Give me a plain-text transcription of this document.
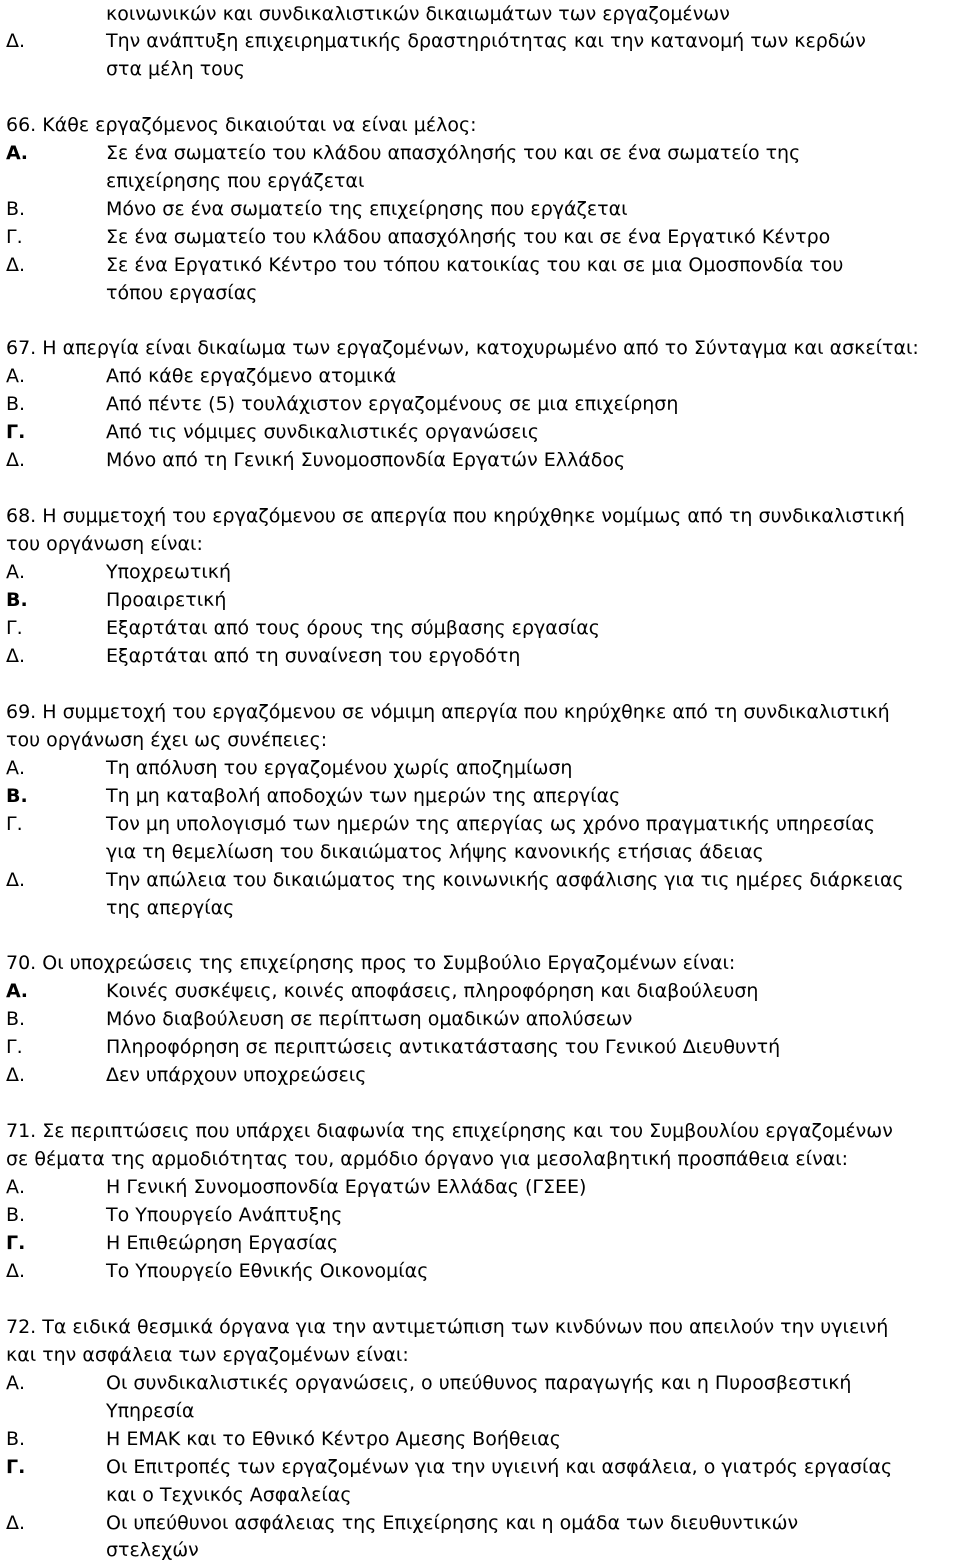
κοινωνικών και συνδικαλιστικών δικαιωμάτων των εργαζομένων
Δ.	Την ανάπτυξη επιχειρηματικής δραστηριότητας και την κατανομή των κερδών
στα μέλη τους
66. Κάθε εργαζόμενος δικαιούται να είναι μέλος:
Α.	Σε ένα σωματείο του κλάδου απασχόλησής του και σε ένα σωματείο της
επιχείρησης που εργάζεται
Β.	Μόνο σε ένα σωματείο της επιχείρησης που εργάζεται
Γ.	Σε ένα σωματείο του κλάδου απασχόλησής του και σε ένα Εργατικό Κέντρο
Δ.	Σε ένα Εργατικό Κέντρο του τόπου κατοικίας του και σε μια Ομοσπονδία του
τόπου εργασίας
67. Η απεργία είναι δικαίωμα των εργαζομένων, κατοχυρωμένο από το Σύνταγμα και ασκείται:
Α.	Από κάθε εργαζόμενο ατομικά
Β.	Από πέντε (5) τουλάχιστον εργαζομένους σε μια επιχείρηση
Γ.	Από τις νόμιμες συνδικαλιστικές οργανώσεις
Δ.	Μόνο από τη Γενική Συνομοσπονδία Εργατών Ελλάδος
68. Η συμμετοχή του εργαζόμενου σε απεργία που κηρύχθηκε νομίμως από τη συνδικαλιστική
του οργάνωση είναι:
Α.	Υποχρεωτική
Β.	Προαιρετική
Γ.	Εξαρτάται από τους όρους της σύμβασης εργασίας
Δ.	Εξαρτάται από τη συναίνεση του εργοδότη
69. Η συμμετοχή του εργαζόμενου σε νόμιμη απεργία που κηρύχθηκε από τη συνδικαλιστική
του οργάνωση έχει ως συνέπειες:
Α.	Τη απόλυση του εργαζομένου χωρίς αποζημίωση
Β.	Τη μη καταβολή αποδοχών των ημερών της απεργίας
Γ.	Τον μη υπολογισμό των ημερών της απεργίας ως χρόνο πραγματικής υπηρεσίας
για τη θεμελίωση του δικαιώματος λήψης κανονικής ετήσιας άδειας
Δ.	Την απώλεια του δικαιώματος της κοινωνικής ασφάλισης για τις ημέρες διάρκειας
της απεργίας
70. Οι υποχρεώσεις της επιχείρησης προς το Συμβούλιο Εργαζομένων είναι:
Α.	Κοινές συσκέψεις, κοινές αποφάσεις, πληροφόρηση και διαβούλευση
Β.	Μόνο διαβούλευση σε περίπτωση ομαδικών απολύσεων
Γ.	Πληροφόρηση σε περιπτώσεις αντικατάστασης του Γενικού Διευθυντή
Δ.	Δεν υπάρχουν υποχρεώσεις
71. Σε περιπτώσεις που υπάρχει διαφωνία της επιχείρησης και του Συμβουλίου εργαζομένων
σε θέματα της αρμοδιότητας του, αρμόδιο όργανο για μεσολαβητική προσπάθεια είναι:
Α.	Η Γενική Συνομοσπονδία Εργατών Ελλάδας (ΓΣΕΕ)
Β.	Το Υπουργείο Ανάπτυξης
Γ.	Η Επιθεώρηση Εργασίας
Δ.	Το Υπουργείο Εθνικής Οικονομίας
72. Τα ειδικά θεσμικά όργανα για την αντιμετώπιση των κινδύνων που απειλούν την υγιεινή
και την ασφάλεια των εργαζομένων είναι:
Α.	Οι συνδικαλιστικές οργανώσεις, ο υπεύθυνος παραγωγής και η Πυροσβεστική
Υπηρεσία
Β.	Η ΕΜΑΚ και το Εθνικό Κέντρο Αμεσης Βοήθειας
Γ.	Οι Επιτροπές των εργαζομένων για την υγιεινή και ασφάλεια, ο γιατρός εργασίας
και ο Τεχνικός Ασφαλείας
Δ.	Οι υπεύθυνοι ασφάλειας της Επιχείρησης και η ομάδα των διευθυντικών
στελεχών
